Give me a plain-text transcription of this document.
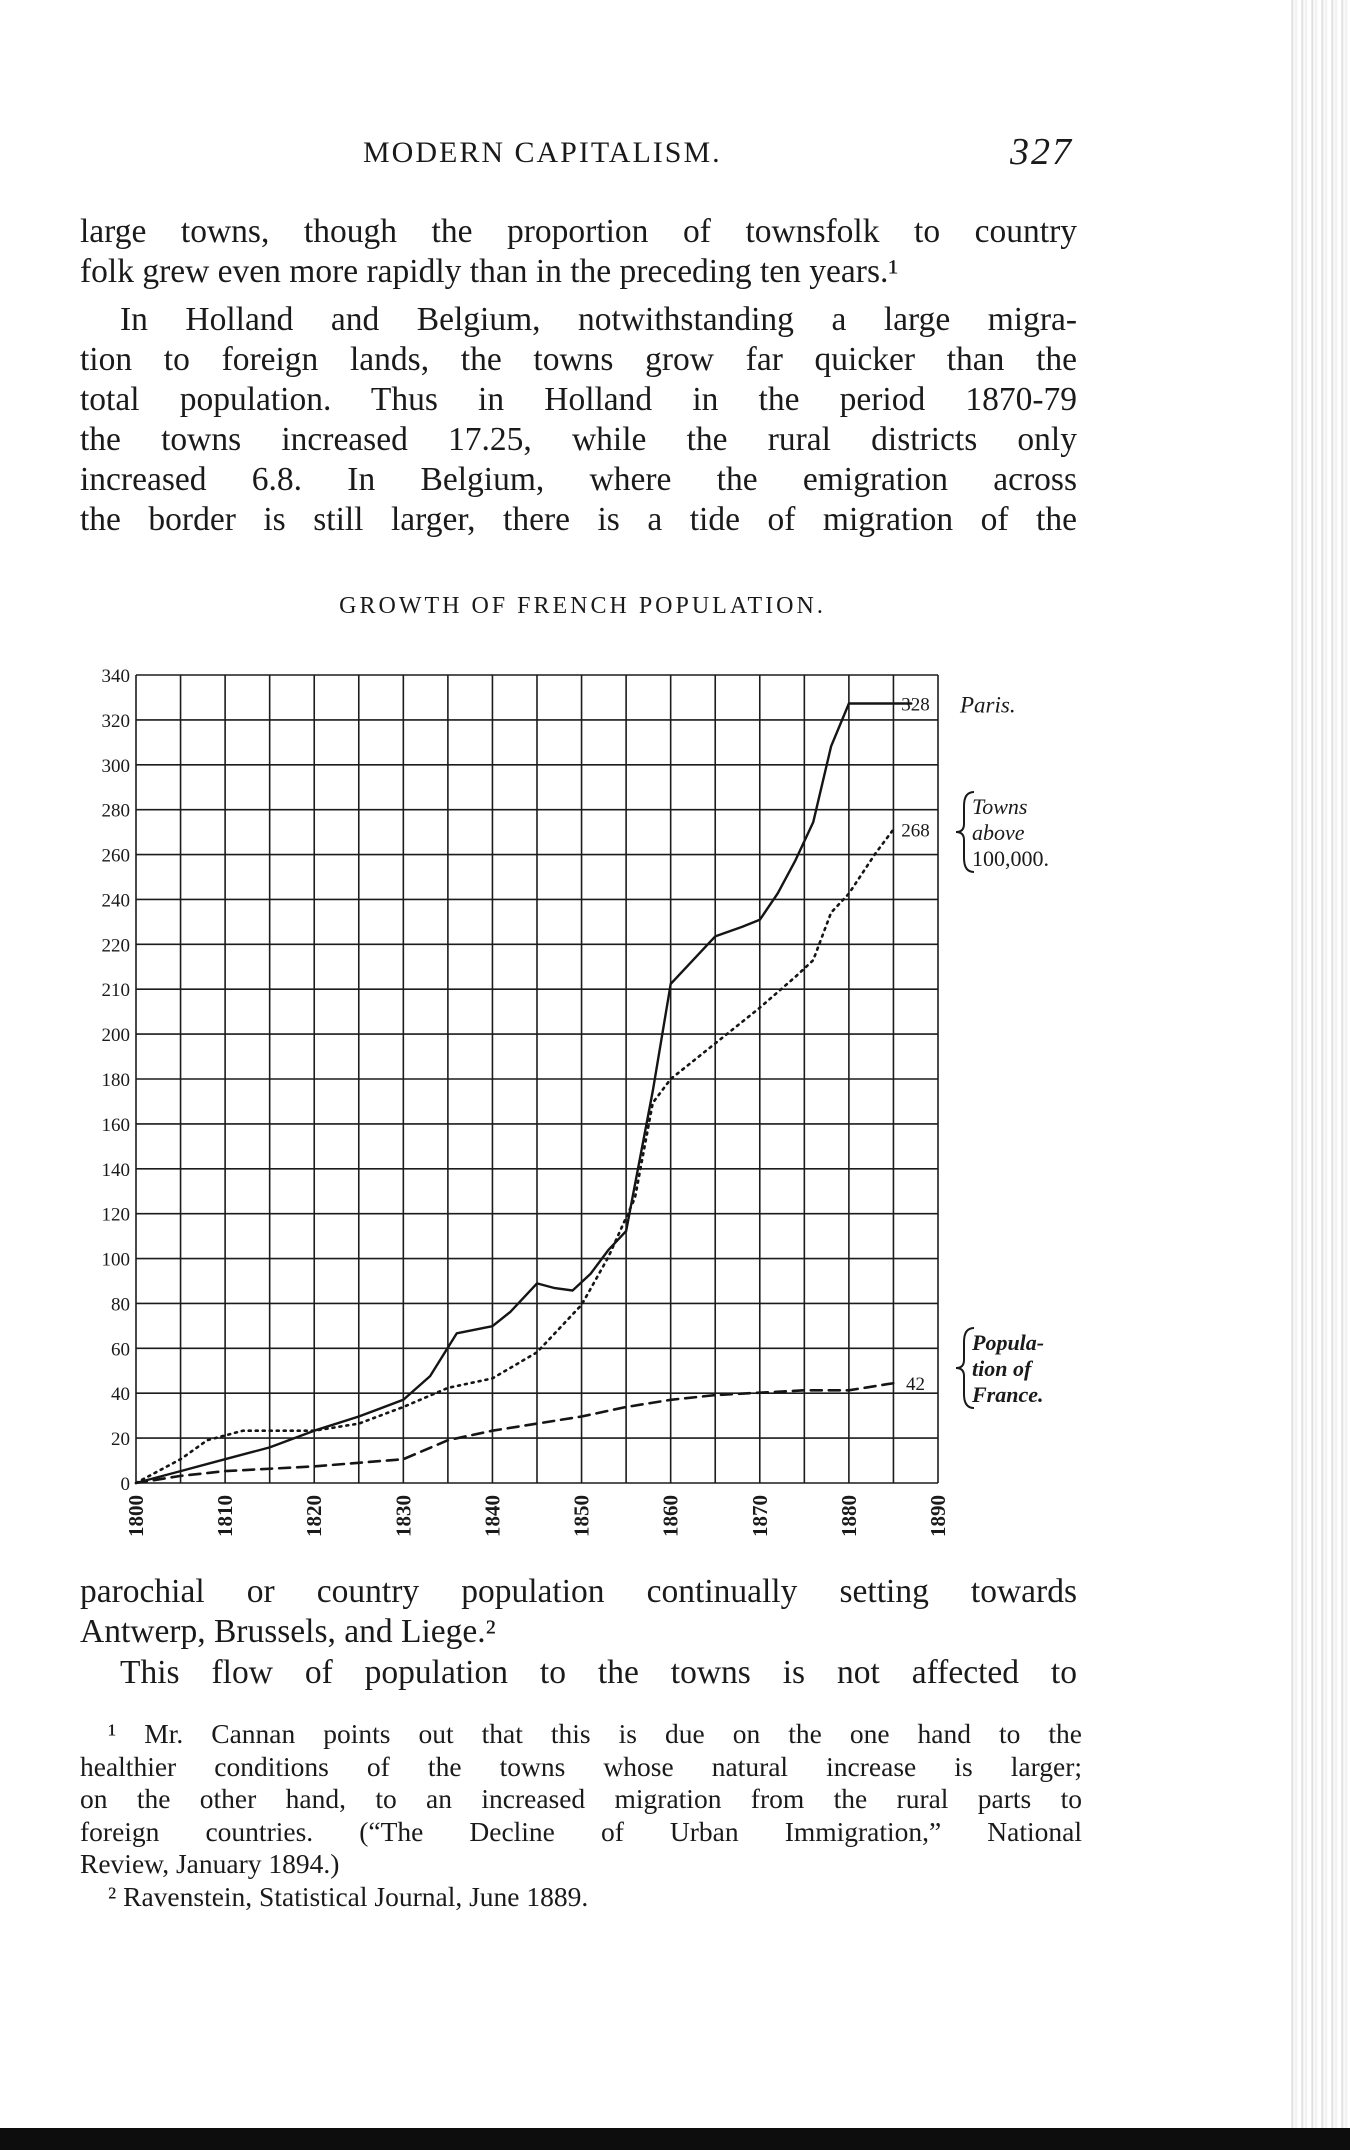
MODERN CAPITALISM.	327
large towns, though the proportion of townsfolk to country
folk grew even more rapidly than in the preceding ten years.¹
In Holland and Belgium, notwithstanding a large migra-
tion to foreign lands, the towns grow far quicker than the
total population. Thus in Holland in the period 1870-79
the towns increased 17.25, while the rural districts only
increased 6.8. In Belgium, where the emigration across
the border is still larger, there is a tide of migration of the
GROWTH OF FRENCH POPULATION.
0
20
40
60
80
100
120
140
160
180
200
210
220
240
260
280
300
320
340
1800	1810	1820	1830	1840	1850	1860	1870	1880	1890
328
268
42
Paris.
Towns
above
100,000.
Popula-
tion of
France.
parochial or country population continually setting towards
Antwerp, Brussels, and Liege.²
This flow of population to the towns is not affected to
¹ Mr. Cannan points out that this is due on the one hand to the
healthier conditions of the towns whose natural increase is larger;
on the other hand, to an increased migration from the rural parts to
foreign countries. (“The Decline of Urban Immigration,” National
Review, January 1894.)
² Ravenstein, Statistical Journal, June 1889.
